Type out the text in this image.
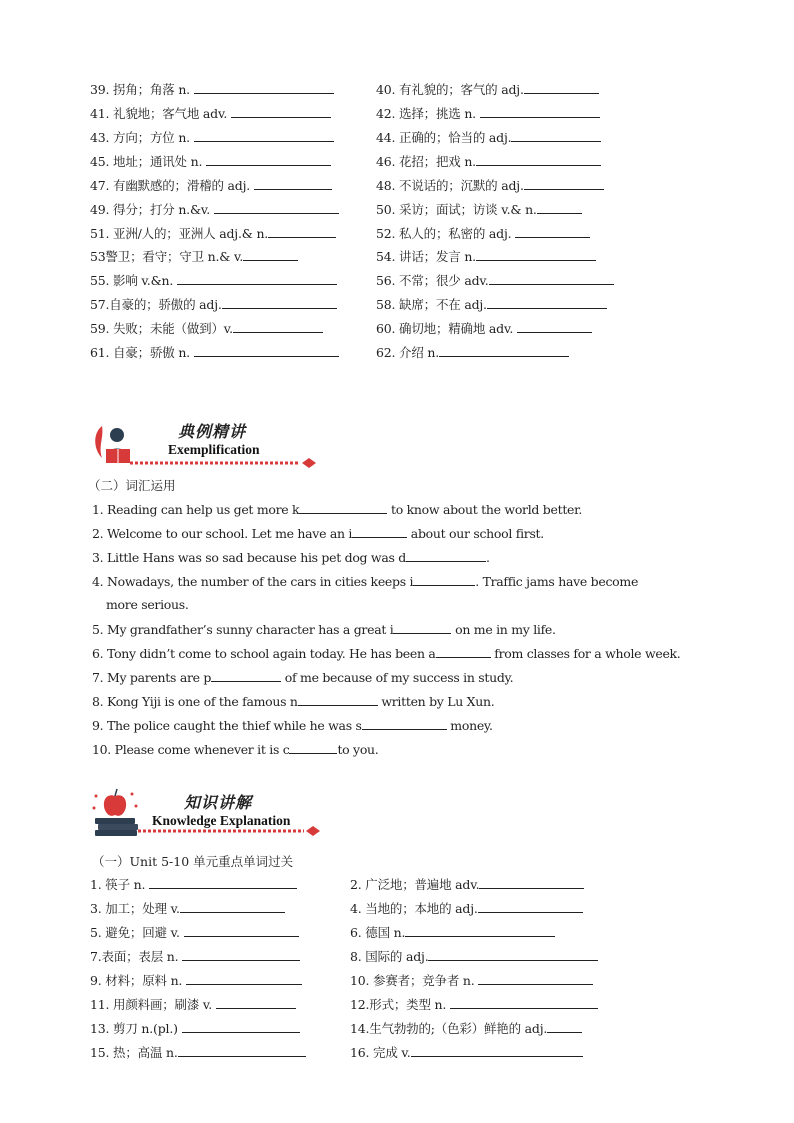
39. 拐角；角落 n.	40. 有礼貌的；客气的 adj.
41. 礼貌地；客气地 adv.	42. 选择；挑选 n.
43. 方向；方位 n.	44. 正确的；恰当的 adj.
45. 地址；通讯处 n.	46. 花招；把戏 n.
47. 有幽默感的；滑稽的 adj.	48. 不说话的；沉默的 adj.
49. 得分；打分 n.&v.	50. 采访；面试；访谈 v.& n.
51. 亚洲/人的；亚洲人 adj.& n.	52. 私人的；私密的 adj.
53警卫；看守；守卫 n.& v.	54. 讲话；发言 n.
55. 影响 v.&n.	56. 不常；很少 adv.
57.自豪的；骄傲的 adj.	58. 缺席；不在 adj.
59. 失败；未能（做到）v.	60. 确切地；精确地 adv.
61. 自豪；骄傲 n.	62. 介绍 n.
典例精讲
Exemplification
（二）词汇运用
1. Reading can help us get more k	to know about the world better.
2. Welcome to our school. Let me have an i	about our school first.
3. Little Hans was so sad because his pet dog was d	.
4. Nowadays, the number of the cars in cities keeps i	. Traffic jams have become
more serious.
5. My grandfather’s sunny character has a great i	on me in my life.
6. Tony didn’t come to school again today. He has been a	from classes for a whole week.
7. My parents are p	of me because of my success in study.
8. Kong Yiji is one of the famous n	written by Lu Xun.
9. The police caught the thief while he was s	money.
10. Please come whenever it is c	to you.
知识讲解
Knowledge Explanation
（一）Unit 5-10 单元重点单词过关
1. 筷子 n.	2. 广泛地；普遍地 adv.
3. 加工；处理 v.	4. 当地的；本地的 adj.
5. 避免；回避 v.	6. 德国 n.
7.表面；表层 n.	8. 国际的 adj.
9. 材料；原料 n.	10. 参赛者；竞争者 n.
11. 用颜料画；刷漆 v.	12.形式；类型 n.
13. 剪刀 n.(pl.)	14.生气勃勃的;（色彩）鲜艳的 adj.
15. 热；高温 n.	16. 完成 v.
